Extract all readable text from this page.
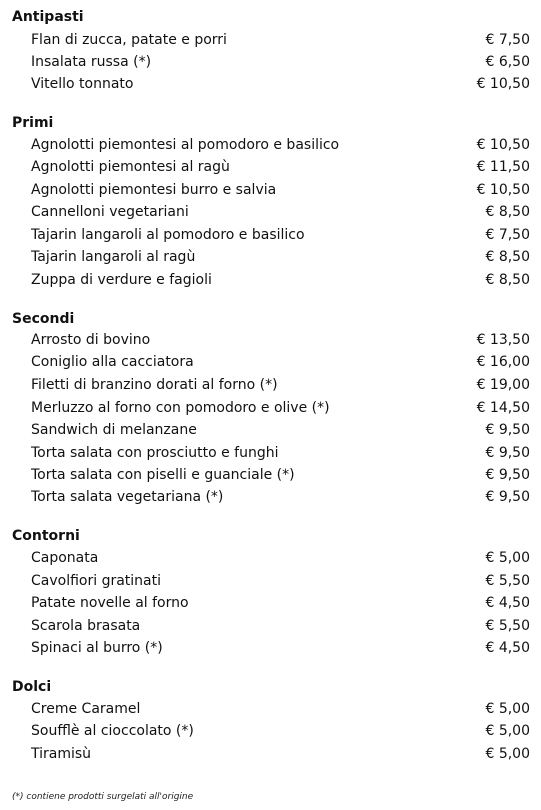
Antipasti
Flan di zucca, patate e porri	€ 7,50
Insalata russa (*)	€ 6,50
Vitello tonnato	€ 10,50
Primi
Agnolotti piemontesi al pomodoro e basilico	€ 10,50
Agnolotti piemontesi al ragù	€ 11,50
Agnolotti piemontesi burro e salvia	€ 10,50
Cannelloni vegetariani	€ 8,50
Tajarin langaroli al pomodoro e basilico	€ 7,50
Tajarin langaroli al ragù	€ 8,50
Zuppa di verdure e fagioli	€ 8,50
Secondi
Arrosto di bovino	€ 13,50
Coniglio alla cacciatora	€ 16,00
Filetti di branzino dorati al forno (*)	€ 19,00
Merluzzo al forno con pomodoro e olive (*)	€ 14,50
Sandwich di melanzane	€ 9,50
Torta salata con prosciutto e funghi	€ 9,50
Torta salata con piselli e guanciale (*)	€ 9,50
Torta salata vegetariana (*)	€ 9,50
Contorni
Caponata	€ 5,00
Cavolfiori gratinati	€ 5,50
Patate novelle al forno	€ 4,50
Scarola brasata	€ 5,50
Spinaci al burro (*)	€ 4,50
Dolci
Creme Caramel	€ 5,00
Soufflè al cioccolato (*)	€ 5,00
Tiramisù	€ 5,00
(*) contiene prodotti surgelati all'origine
